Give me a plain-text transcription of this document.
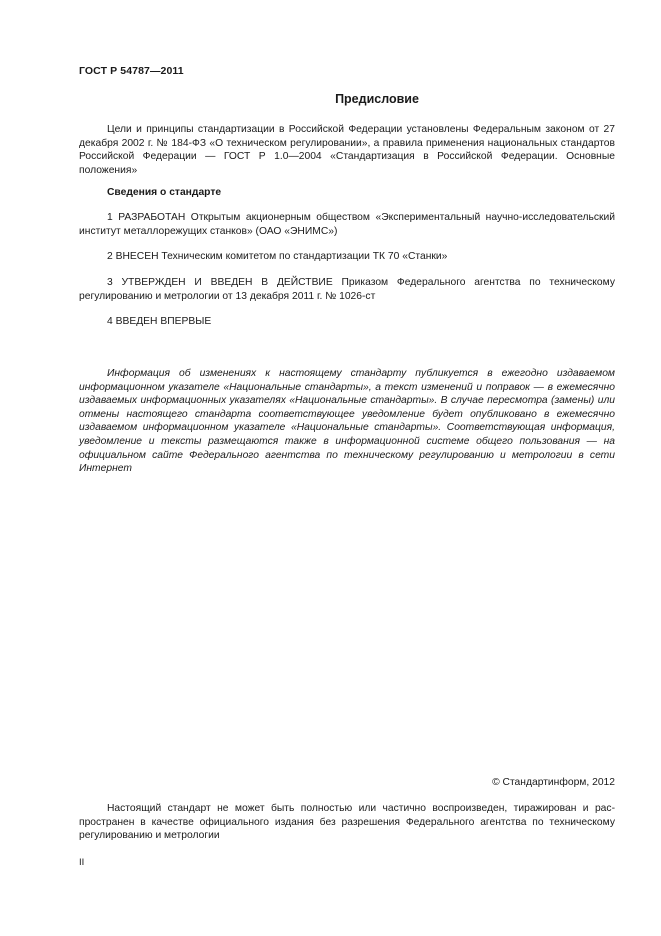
ГОСТ Р 54787—2011
Предисловие
Цели и принципы стандартизации в Российской Федерации установлены Федеральным законом от 27 декабря 2002 г. № 184-ФЗ «О техническом регулировании», а правила применения национальных стандартов Российской Федерации — ГОСТ Р 1.0—2004 «Стандартизация в Российской Федерации. Основные положения»
Сведения о стандарте
1 РАЗРАБОТАН Открытым акционерным обществом «Экспериментальный научно-исследовательский институт металлорежущих станков» (ОАО «ЭНИМС»)
2 ВНЕСЕН Техническим комитетом по стандартизации ТК 70 «Станки»
3 УТВЕРЖДЕН И ВВЕДЕН В ДЕЙСТВИЕ Приказом Федерального агентства по техническому регулированию и метрологии от 13 декабря 2011 г. № 1026-ст
4 ВВЕДЕН ВПЕРВЫЕ
Информация об изменениях к настоящему стандарту публикуется в ежегодно издаваемом информационном указателе «Национальные стандарты», а текст изменений и поправок — в ежемесячно издаваемых информационных указателях «Национальные стандарты». В случае пересмотра (замены) или отмены настоящего стандарта соответствующее уведомление будет опубликовано в ежемесячно издаваемом информационном указателе «Национальные стандарты». Соответствующая информация, уведомление и тексты размещаются также в информационной системе общего пользования — на официальном сайте Федерального агентства по техническому регулированию и метрологии в сети Интернет
© Стандартинформ, 2012
Настоящий стандарт не может быть полностью или частично воспроизведен, тиражирован и распространен в качестве официального издания без разрешения Федерального агентства по техническому регулированию и метрологии
II
